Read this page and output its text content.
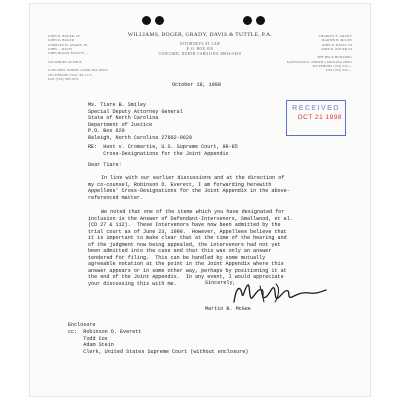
WILLIAMS, BOGER, GRADY, DAVIS & TUTTLE, P.A.
ATTORNEYS AT LAW
P. O. BOX 810
CONCORD, NORTH CAROLINA 28026-0810
JOHN R. BOGER, JR.
JOHN R. BOGER
CHARLES M. GRADY, JR.
JOHN ... DAVIS
JOHN BOGER KNOTTS ...

SALISBURY AVENUE
...
CONCORD, NORTH CAROLINA 28025
TELEPHONE (704) 782-1173
FAX (704) 788-3676
CHARLES E. GRADY
MARTIN B. McGEE
JOHN R. DAVIS, III
JOHN R. BOGER III

THE BELK BUILDING
KANNAPOLIS, NORTH CAROLINA 28081
TELEPHONE (704) 932-...
FAX (704) 932-...
October 19, 1998
RECEIVED
OCT 21 1998
...
Ms. Tiare B. Smiley
Special Deputy Attorney General
State of North Carolina
Department of Justice
P.O. Box 629
Raleigh, North Carolina 27602-0629
RE:  Hunt v. Cromartie, U.S. Supreme Court, 98-85
Cross-Designations for the Joint Appendix
Dear Tiare:
In line with our earlier discussions and at the direction of
my co-counsel, Robinson O. Everett, I am forwarding herewith
Appellees' Cross-Designations for the Joint Appendix in the above-
referenced matter.
We noted that one of the items which you have designated for
inclusion is the Answer of Defendant-Intervenors, Smallwood, et al.
(CD 27 & 112).  These Intervenors have now been admitted by the
trial court as of June 23, 1998.  However, Appellees believe that
it is important to make clear that at the time of the hearing and
of the judgment now being appealed, the intervenors had not yet
been admitted into the case and that this was only an answer
tendered for filing.  This can be handled by some mutually
agreeable notation at the point in the Joint Appendix where this
answer appears or in some other way, perhaps by positioning it at
the end of the Joint Appendix.  In any event, I would appreciate
your discussing this with me.	Sincerely,
Martin B. McGee
Enclosure
cc:  Robinson O. Everett
Todd Cox
Adam Stein
Clerk, United States Supreme Court (without enclosure)
